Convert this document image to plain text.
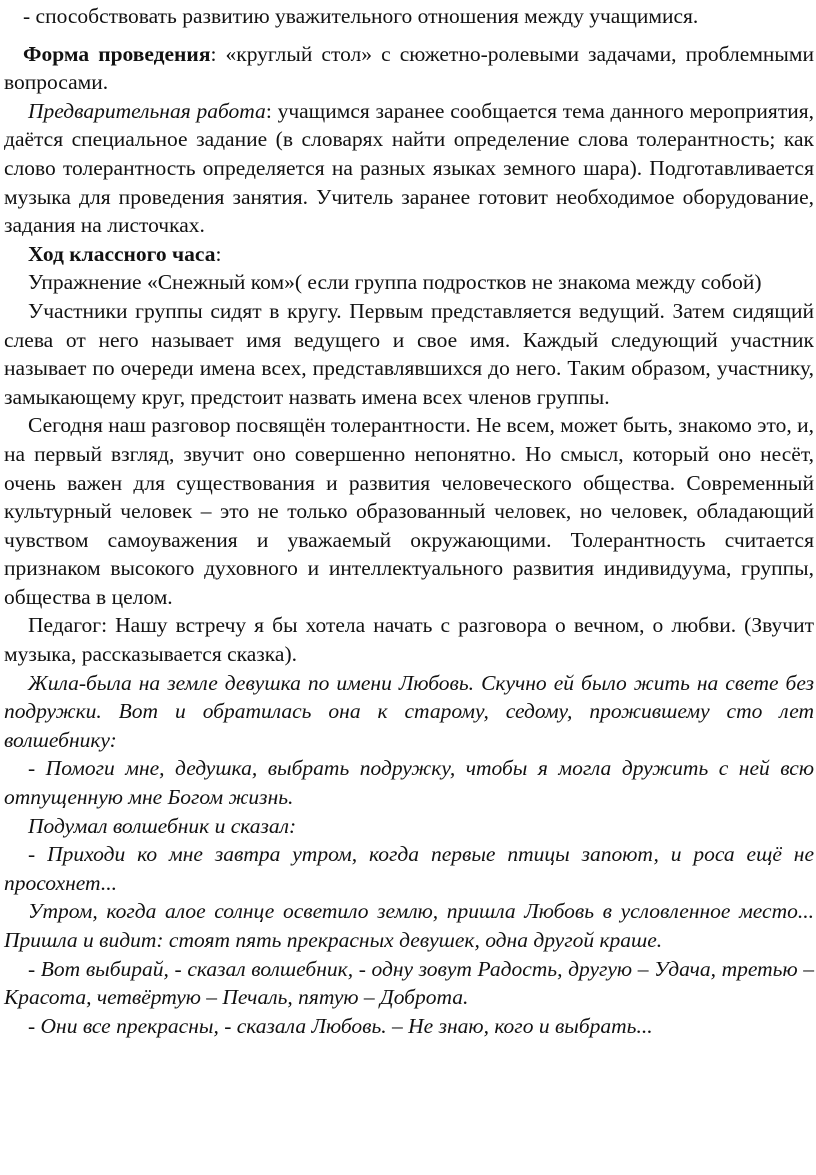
- способствовать развитию уважительного отношения между учащимися.

Форма проведения: «круглый стол» с сюжетно-ролевыми задачами, проблемными вопросами.

Предварительная работа: учащимся заранее сообщается тема данного мероприятия, даётся специальное задание (в словарях найти определение слова толерантность; как слово толерантность определяется на разных языках земного шара). Подготавливается музыка для проведения занятия. Учитель заранее готовит необходимое оборудование, задания на листочках.

Ход классного часа:

Упражнение «Снежный ком»( если группа подростков не знакома между собой)

Участники группы сидят в кругу. Первым представляется ведущий. Затем сидящий слева от него называет имя ведущего и свое имя. Каждый следующий участник называет по очереди имена всех, представлявшихся до него. Таким образом, участнику, замыкающему круг, предстоит назвать имена всех членов группы.

Сегодня наш разговор посвящён толерантности. Не всем, может быть, знакомо это, и, на первый взгляд, звучит оно совершенно непонятно. Но смысл, который оно несёт, очень важен для существования и развития человеческого общества. Современный культурный человек – это не только образованный человек, но человек, обладающий чувством самоуважения и уважаемый окружающими. Толерантность считается признаком высокого духовного и интеллектуального развития индивидуума, группы, общества в целом.

Педагог: Нашу встречу я бы хотела начать с разговора о вечном, о любви. (Звучит музыка, рассказывается сказка).

Жила-была на земле девушка по имени Любовь. Скучно ей было жить на свете без подружки. Вот и обратилась она к старому, седому, прожившему сто лет волшебнику:

- Помоги мне, дедушка, выбрать подружку, чтобы я могла дружить с ней всю отпущенную мне Богом жизнь.

Подумал волшебник и сказал:

- Приходи ко мне завтра утром, когда первые птицы запоют, и роса ещё не просохнет...

Утром, когда алое солнце осветило землю, пришла Любовь в условленное место... Пришла и видит: стоят пять прекрасных девушек, одна другой краше.

- Вот выбирай, - сказал волшебник, - одну зовут Радость, другую – Удача, третью – Красота, четвёртую – Печаль, пятую – Доброта.

- Они все прекрасны, - сказала Любовь. – Не знаю, кого и выбрать...
